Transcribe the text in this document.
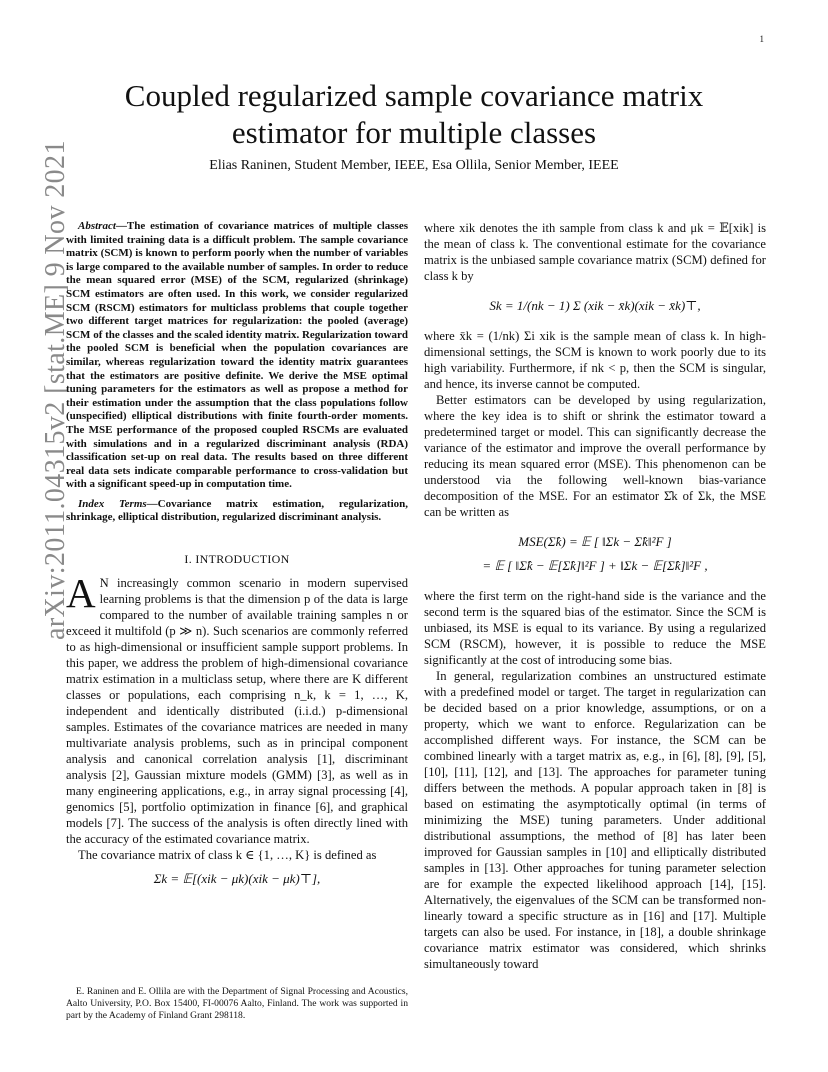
1
arXiv:2011.04315v2 [stat.ME] 9 Nov 2021
Coupled regularized sample covariance matrix
estimator for multiple classes
Elias Raninen, Student Member, IEEE, Esa Ollila, Senior Member, IEEE

Abstract—The estimation of covariance matrices of multiple classes with limited training data is a difficult problem. The sample covariance matrix (SCM) is known to perform poorly when the number of variables is large compared to the available number of samples. In order to reduce the mean squared error (MSE) of the SCM, regularized (shrinkage) SCM estimators are often used. In this work, we consider regularized SCM (RSCM) estimators for multiclass problems that couple together two different target matrices for regularization: the pooled (average) SCM of the classes and the scaled identity matrix. Regularization toward the pooled SCM is beneficial when the population covariances are similar, whereas regularization toward the identity matrix guarantees that the estimators are positive definite. We derive the MSE optimal tuning parameters for the estimators as well as propose a method for their estimation under the assumption that the class populations follow (unspecified) elliptical distributions with finite fourth-order moments. The MSE performance of the proposed coupled RSCMs are evaluated with simulations and in a regularized discriminant analysis (RDA) classification set-up on real data. The results based on three different real data sets indicate comparable performance to cross-validation but with a significant speed-up in computation time.

Index Terms—Covariance matrix estimation, regularization, shrinkage, elliptical distribution, regularized discriminant analysis.

I. INTRODUCTION

A N increasingly common scenario in modern supervised learning problems is that the dimension p of the data is large compared to the number of available training samples n or exceed it multifold (p ≫ n). Such scenarios are commonly referred to as high-dimensional or insufficient sample support problems. In this paper, we address the problem of high-dimensional covariance matrix estimation in a multiclass setup, where there are K different classes or populations, each comprising n_k, k = 1, …, K, independent and identically distributed (i.i.d.) p-dimensional samples. Estimates of the covariance matrices are needed in many multivariate analysis problems, such as in principal component analysis and canonical correlation analysis [1], discriminant analysis [2], Gaussian mixture models (GMM) [3], as well as in many engineering applications, e.g., in array signal processing [4], genomics [5], portfolio optimization in finance [6], and graphical models [7]. The success of the analysis is often directly lined with the accuracy of the estimated covariance matrix.

The covariance matrix of class k ∈ {1, …, K} is defined as

Σk = 𝔼[(xik − μk)(xik − μk)⊤],
E. Raninen and E. Ollila are with the Department of Signal Processing and Acoustics, Aalto University, P.O. Box 15400, FI-00076 Aalto, Finland. The work was supported in part by the Academy of Finland Grant 298118.

where xik denotes the ith sample from class k and μk = 𝔼[xik] is the mean of class k. The conventional estimate for the covariance matrix is the unbiased sample covariance matrix (SCM) defined for class k by

Sk = 1/(nk − 1) Σ (xik − x̄k)(xik − x̄k)⊤,

where x̄k = (1/nk) Σi xik is the sample mean of class k. In high-dimensional settings, the SCM is known to work poorly due to its high variability. Furthermore, if nk < p, then the SCM is singular, and hence, its inverse cannot be computed.

Better estimators can be developed by using regularization, where the key idea is to shift or shrink the estimator toward a predetermined target or model. This can significantly decrease the variance of the estimator and improve the overall performance by reducing its mean squared error (MSE). This phenomenon can be understood via the following well-known bias-variance decomposition of the MSE. For an estimator Σ̂k of Σk, the MSE can be written as

MSE(Σ̂k) = 𝔼 [ ‖Σk − Σ̂k‖²F ]
= 𝔼 [ ‖Σ̂k − 𝔼[Σ̂k]‖²F ] + ‖Σk − 𝔼[Σ̂k]‖²F ,

where the first term on the right-hand side is the variance and the second term is the squared bias of the estimator. Since the SCM is unbiased, its MSE is equal to its variance. By using a regularized SCM (RSCM), however, it is possible to reduce the MSE significantly at the cost of introducing some bias.

In general, regularization combines an unstructured estimate with a predefined model or target. The target in regularization can be decided based on a prior knowledge, assumptions, or on a property, which we want to enforce. Regularization can be accomplished different ways. For instance, the SCM can be combined linearly with a target matrix as, e.g., in [6], [8], [9], [5], [10], [11], [12], and [13]. The approaches for parameter tuning differs between the methods. A popular approach taken in [8] is based on estimating the asymptotically optimal (in terms of minimizing the MSE) tuning parameters. Under additional distributional assumptions, the method of [8] has later been improved for Gaussian samples in [10] and elliptically distributed samples in [13]. Other approaches for tuning parameter selection are for example the expected likelihood approach [14], [15]. Alternatively, the eigenvalues of the SCM can be transformed non-linearly toward a specific structure as in [16] and [17]. Multiple targets can also be used. For instance, in [18], a double shrinkage covariance matrix estimator was considered, which shrinks simultaneously toward
